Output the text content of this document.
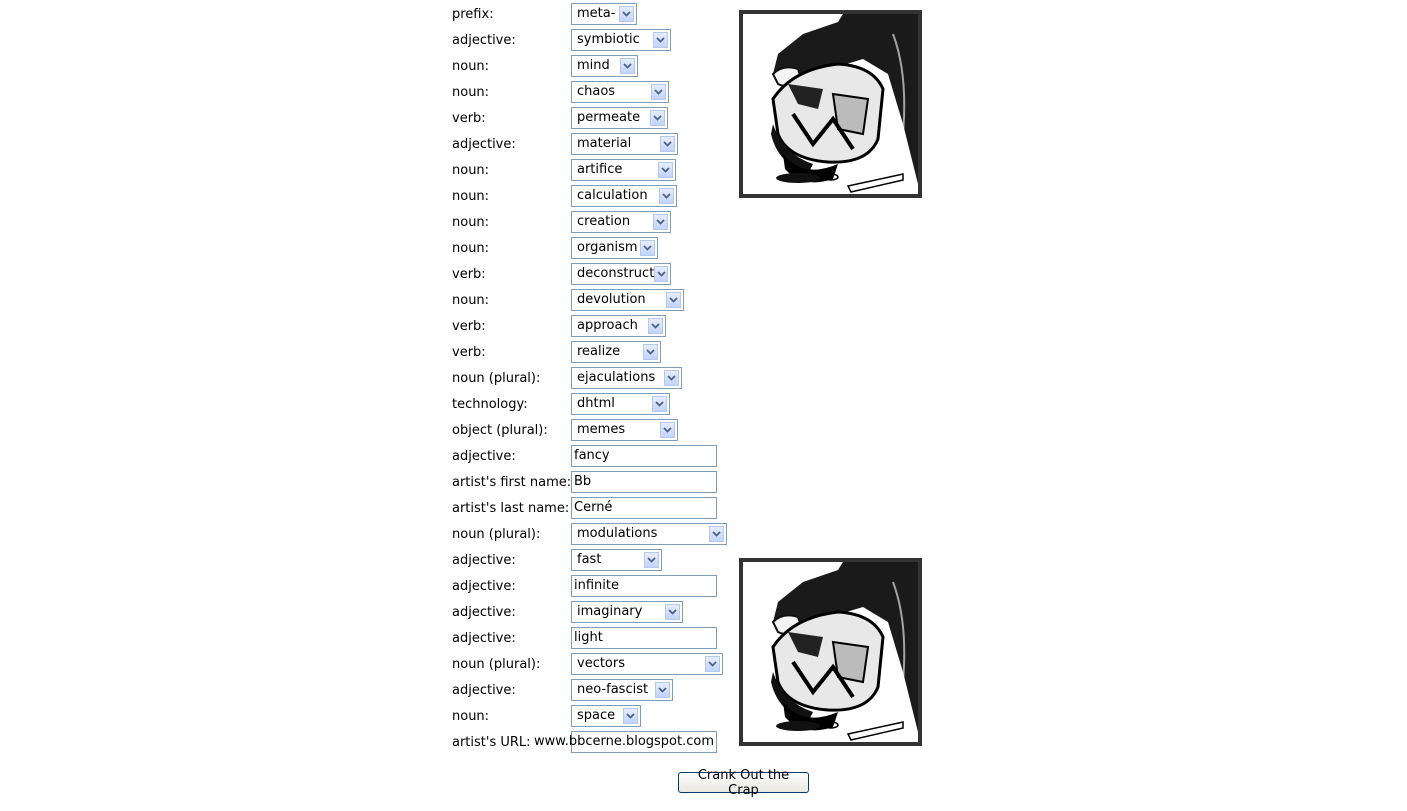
prefix:	meta-
adjective:	symbiotic
noun:	mind
noun:	chaos
verb:	permeate
adjective:	material
noun:	artifice
noun:	calculation
noun:	creation
noun:	organism
verb:	deconstruct
noun:	devolution
verb:	approach
verb:	realize
noun (plural):	ejaculations
technology:	dhtml
object (plural):	memes
adjective:	fancy
artist's first name: Bb
artist's last name: Cerné
noun (plural):	modulations
adjective:	fast
adjective:	infinite
adjective:	imaginary
adjective:	light
noun (plural):	vectors
adjective:	neo-fascist
noun:	space
artist's URL: www.bbcerne.blogspot.com
Crank Out the Crap
